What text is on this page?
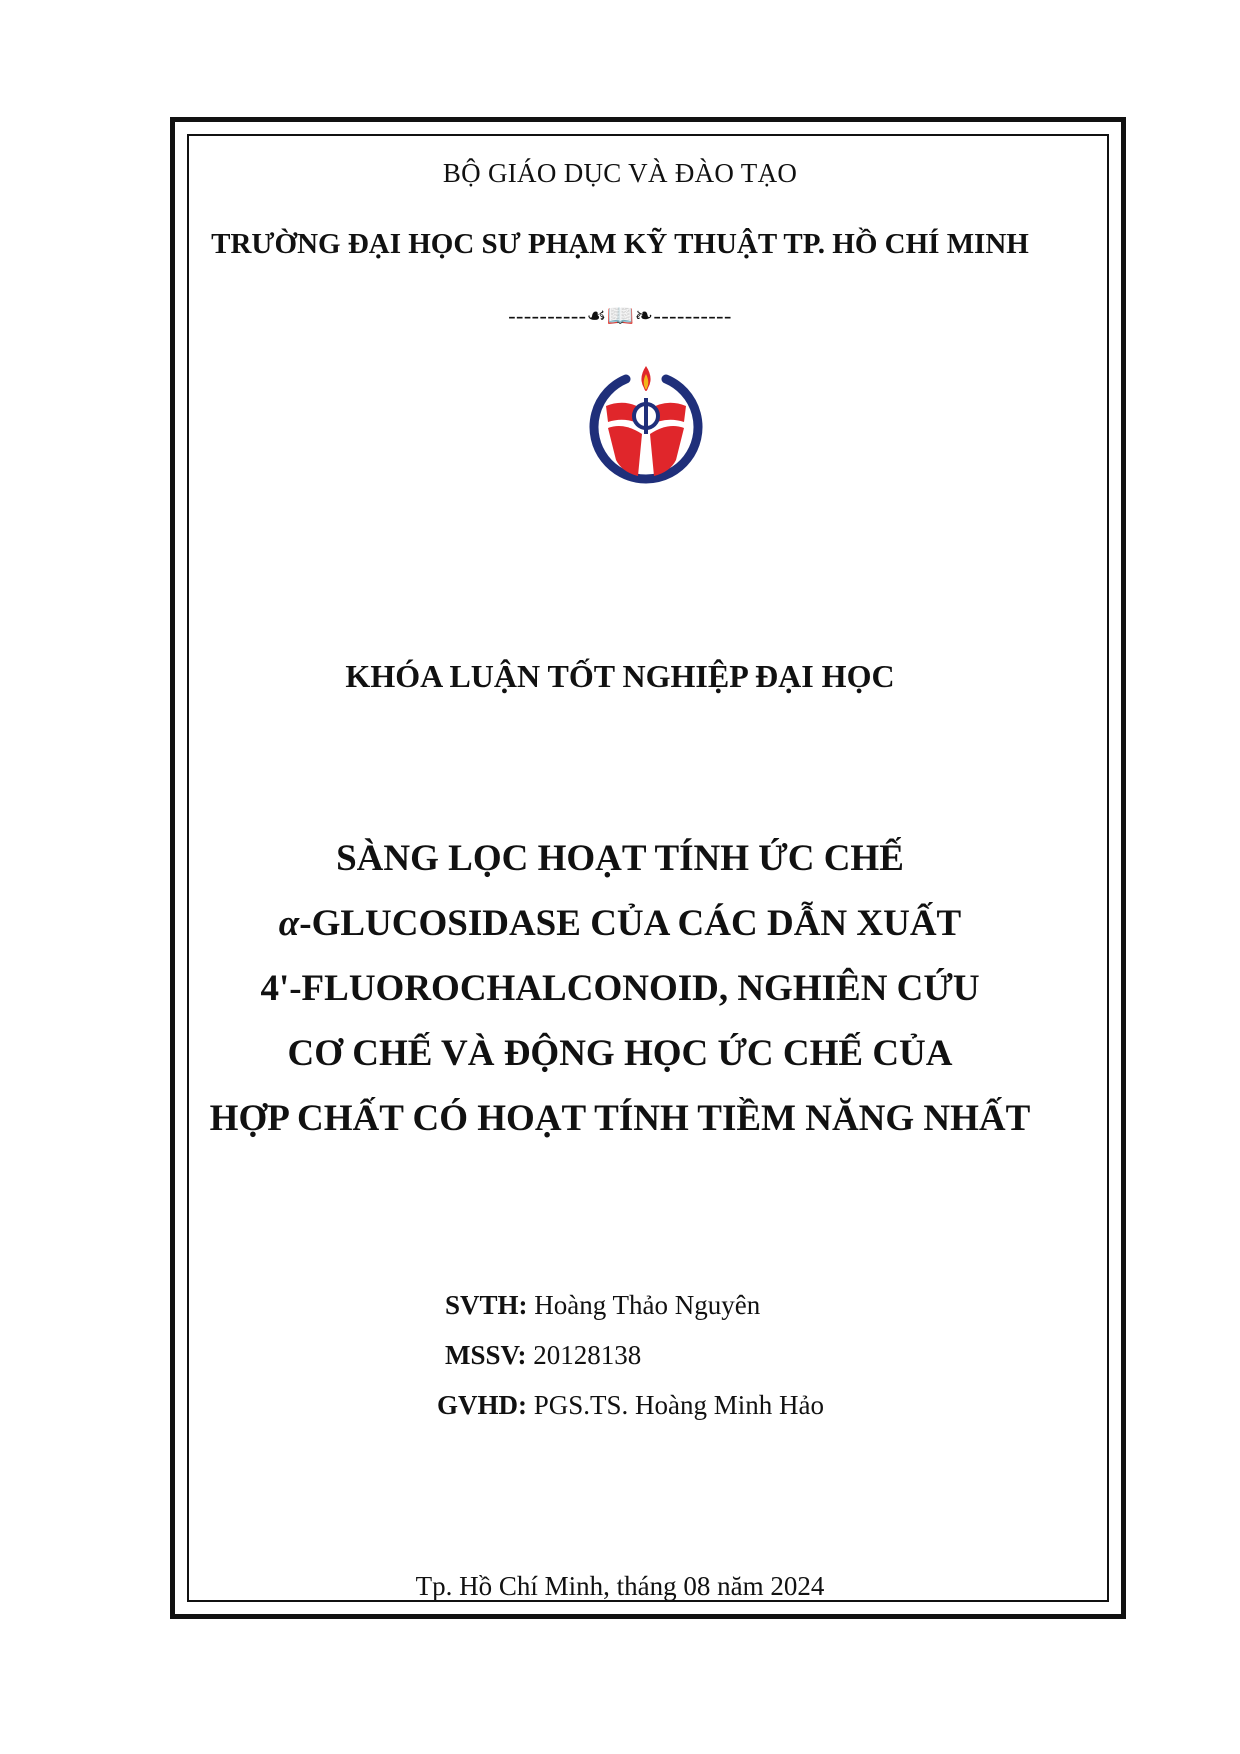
BỘ GIÁO DỤC VÀ ĐÀO TẠO
TRƯỜNG ĐẠI HỌC SƯ PHẠM KỸ THUẬT TP. HỒ CHÍ MINH
----------☙📖❧----------
KHÓA LUẬN TỐT NGHIỆP ĐẠI HỌC
SÀNG LỌC HOẠT TÍNH ỨC CHẾ
α-GLUCOSIDASE CỦA CÁC DẪN XUẤT
4'-FLUOROCHALCONOID, NGHIÊN CỨU
CƠ CHẾ VÀ ĐỘNG HỌC ỨC CHẾ CỦA
HỢP CHẤT CÓ HOẠT TÍNH TIỀM NĂNG NHẤT
SVTH: Hoàng Thảo Nguyên
MSSV: 20128138
GVHD: PGS.TS. Hoàng Minh Hảo
Tp. Hồ Chí Minh, tháng 08 năm 2024
